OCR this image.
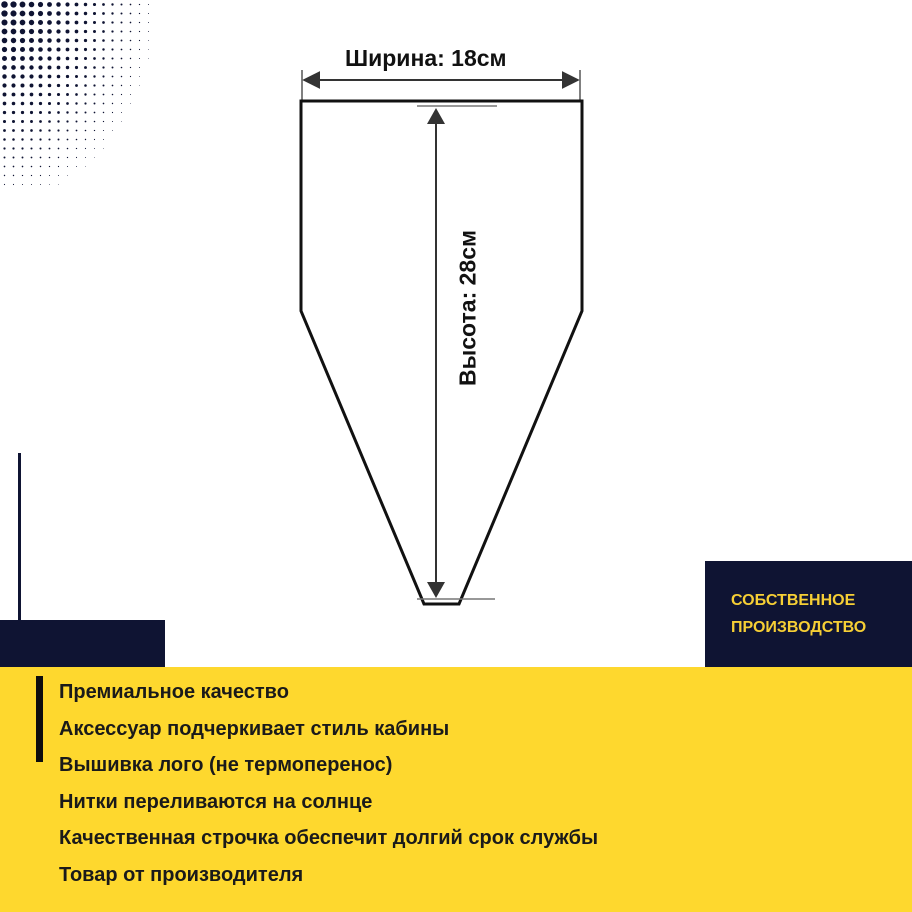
Ширина: 18см
Высота: 28см
СОБСТВЕННОЕ
ПРОИЗВОДСТВО
Премиальное качество
Аксессуар подчеркивает стиль кабины
Вышивка лого (не термоперенос)
Нитки переливаются на солнце
Качественная строчка обеспечит долгий срок службы
Товар от производителя
